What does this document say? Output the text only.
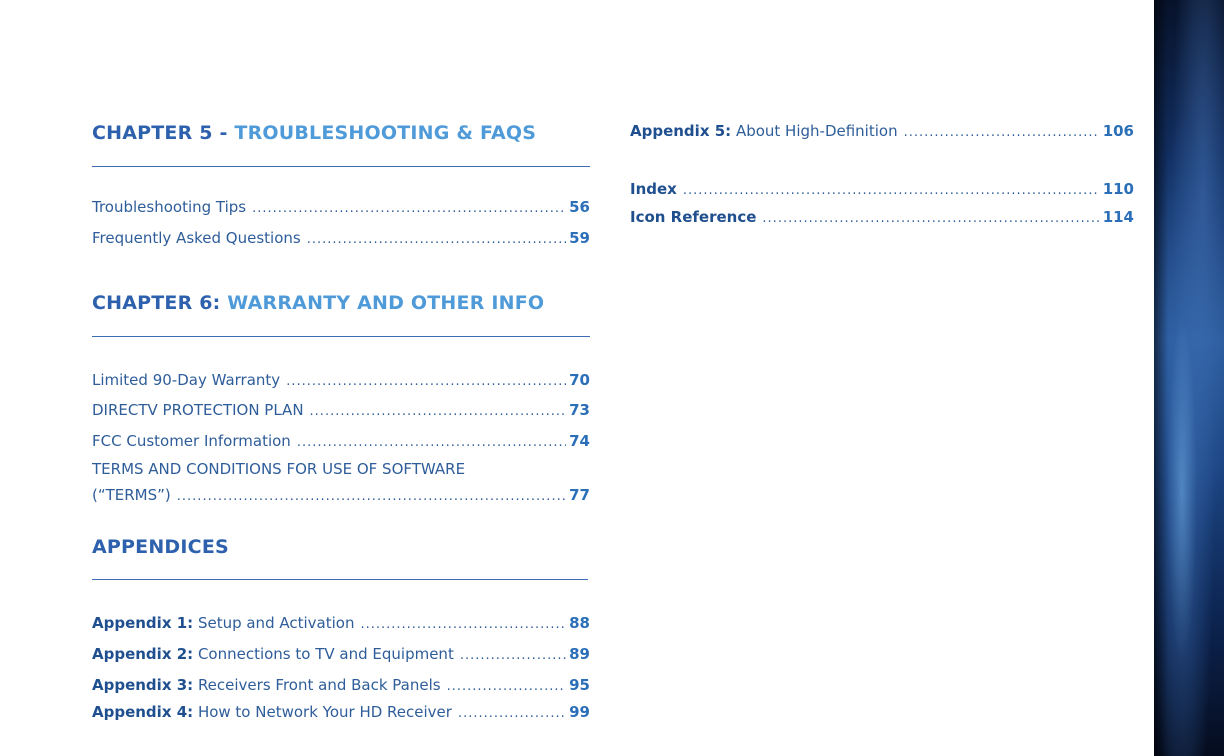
CHAPTER 5 - TROUBLESHOOTING & FAQS
Troubleshooting Tips .....	56
Frequently Asked Questions .....	59
CHAPTER 6: WARRANTY AND OTHER INFO
Limited 90-Day Warranty .....	70
DIRECTV PROTECTION PLAN .....	73
FCC Customer Information .....	74
TERMS AND CONDITIONS FOR USE OF SOFTWARE
(“TERMS”) .....	77
APPENDICES
Appendix 1: Setup and Activation .....	88
Appendix 2: Connections to TV and Equipment .....	89
Appendix 3: Receivers Front and Back Panels .....	95
Appendix 4: How to Network Your HD Receiver .....	99
Appendix 5: About High-Definition .....	106
Index .....	110
Icon Reference .....	114
